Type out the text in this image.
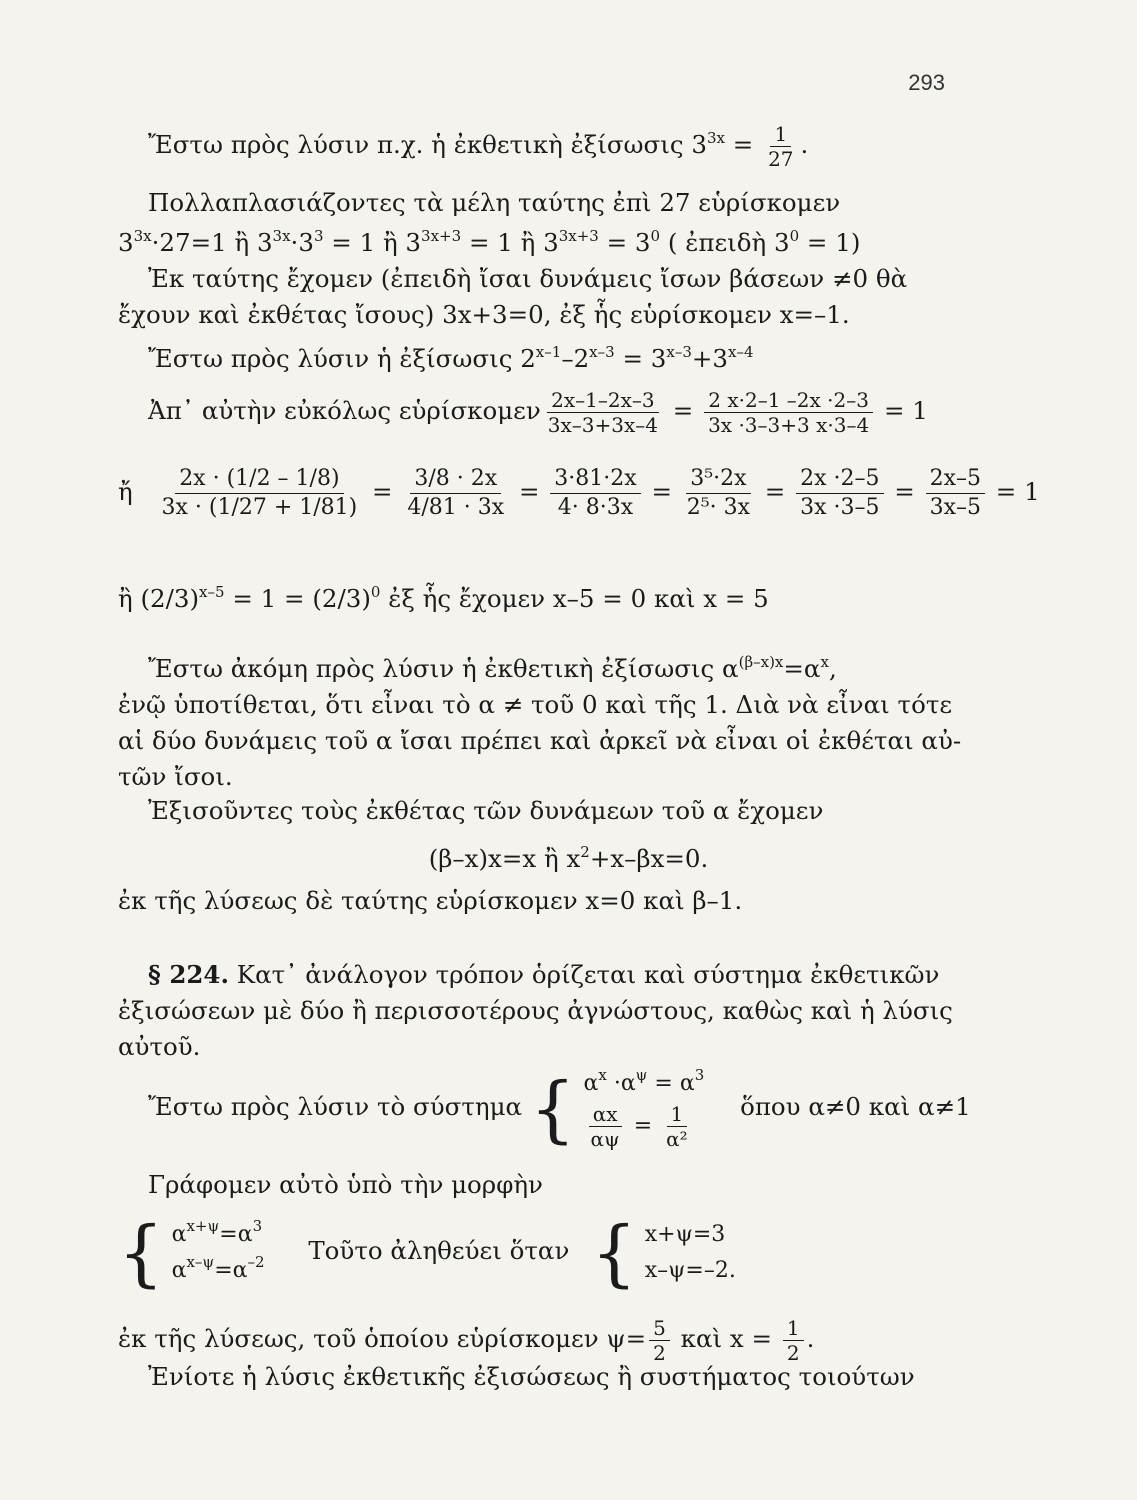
293
Ἔστω πρὸς λύσιν π.χ. ἡ ἐκθετικὴ ἐξίσωσις $3^{3x} = \frac{1}{27}$ .
Πολλαπλασιάζοντες τὰ μέλη ταύτης ἐπὶ 27 εὑρίσκομεν
$3^{3x}\cdot 27=1$ ἢ $3^{3x}\cdot 3^3 = 1$ ἢ $3^{3x+3} = 1$ ἢ $3^{3x+3} = 3^0$ ( ἐπειδὴ $3^0 = 1$)
Ἐκ ταύτης ἔχομεν (ἐπειδὴ ἴσαι δυνάμεις ἴσων βάσεων ≠0 θὰ
ἔχουν καὶ ἐκθέτας ἴσους) 3x+3=0, ἐξ ἧς εὑρίσκομεν x=–1.
Ἔστω πρὸς λύσιν ἡ ἐξίσωσις $2^{x-1}-2^{x-3} = 3^{x-3}+3^{x-4}$
Ἀπ᾽ αὐτὴν εὐκόλως εὑρίσκομεν $\frac{2x-1-2x-3}{3x-3+3x-4} = \frac{2 x\cdot 2-1 -2x \cdot 2-3}{3x \cdot 3-3+3 x\cdot 3-4} = 1$
ἤ $\frac{2x \cdot (1/2 - 1/8)}{3x \cdot (1/27 + 1/81)} = \frac{3/8 \cdot 2x}{4/81 \cdot 3x} = \frac{3\cdot 81\cdot 2x}{4\cdot 8\cdot 3x} = \frac{\text{3⁵·2x}}{\text{2⁵· 3x}} = \frac{2x \cdot 2-5}{3x \cdot 3-5} = \frac{2x-5}{3x-5} = 1$
ἢ $(2/3)^{x-5} = 1 = (2/3)^0$ ἐξ ἧς ἔχομεν x–5 = 0 καὶ x = 5
Ἔστω ἀκόμη πρὸς λύσιν ἡ ἐκθετικὴ ἐξίσωσις $\alpha^{(\beta-x)x}=\alpha^x$,
ἐνῷ ὑποτίθεται, ὅτι εἶναι τὸ α ≠ τοῦ 0 καὶ τῆς 1. Διὰ νὰ εἶναι τότε
αἱ δύο δυνάμεις τοῦ α ἴσαι πρέπει καὶ ἀρκεῖ νὰ εἶναι οἱ ἐκθέται αὐ-
τῶν ἴσοι.
Ἐξισοῦντες τοὺς ἐκθέτας τῶν δυνάμεων τοῦ α ἔχομεν
(β–x)x=x ἢ $x^2+x-\beta x=0$.
ἐκ τῆς λύσεως δὲ ταύτης εὑρίσκομεν x=0 καὶ β–1.
§ 224. Κατ᾽ ἀνάλογον τρόπον ὁρίζεται καὶ σύστημα ἐκθετικῶν
ἐξισώσεων μὲ δύο ἢ περισσοτέρους ἀγνώστους, καθὼς καὶ ἡ λύσις
αὐτοῦ.
Ἔστω πρὸς λύσιν τὸ σύστημα { $\alpha^x \cdot\alpha^\psi = \alpha^3$
$\frac{\alpha x}{\alpha\psi} = \frac{1}{\text{α²}}$ ὅπου α≠0 καὶ α≠1
Γράφομεν αὐτὸ ὑπὸ τὴν μορφὴν
{ $\alpha^{x+\psi}=\alpha^3$
$\alpha^{x-\psi}=\alpha^{-2}$ Τοῦτο ἀληθεύει ὅταν { x+ψ=3
x–ψ=–2.
ἐκ τῆς λύσεως, τοῦ ὁποίου εὑρίσκομεν $\psi= \frac{5}{2}$ καὶ $x = \frac{1}{2}$ .
Ἐνίοτε ἡ λύσις ἐκθετικῆς ἐξισώσεως ἢ συστήματος τοιούτων
